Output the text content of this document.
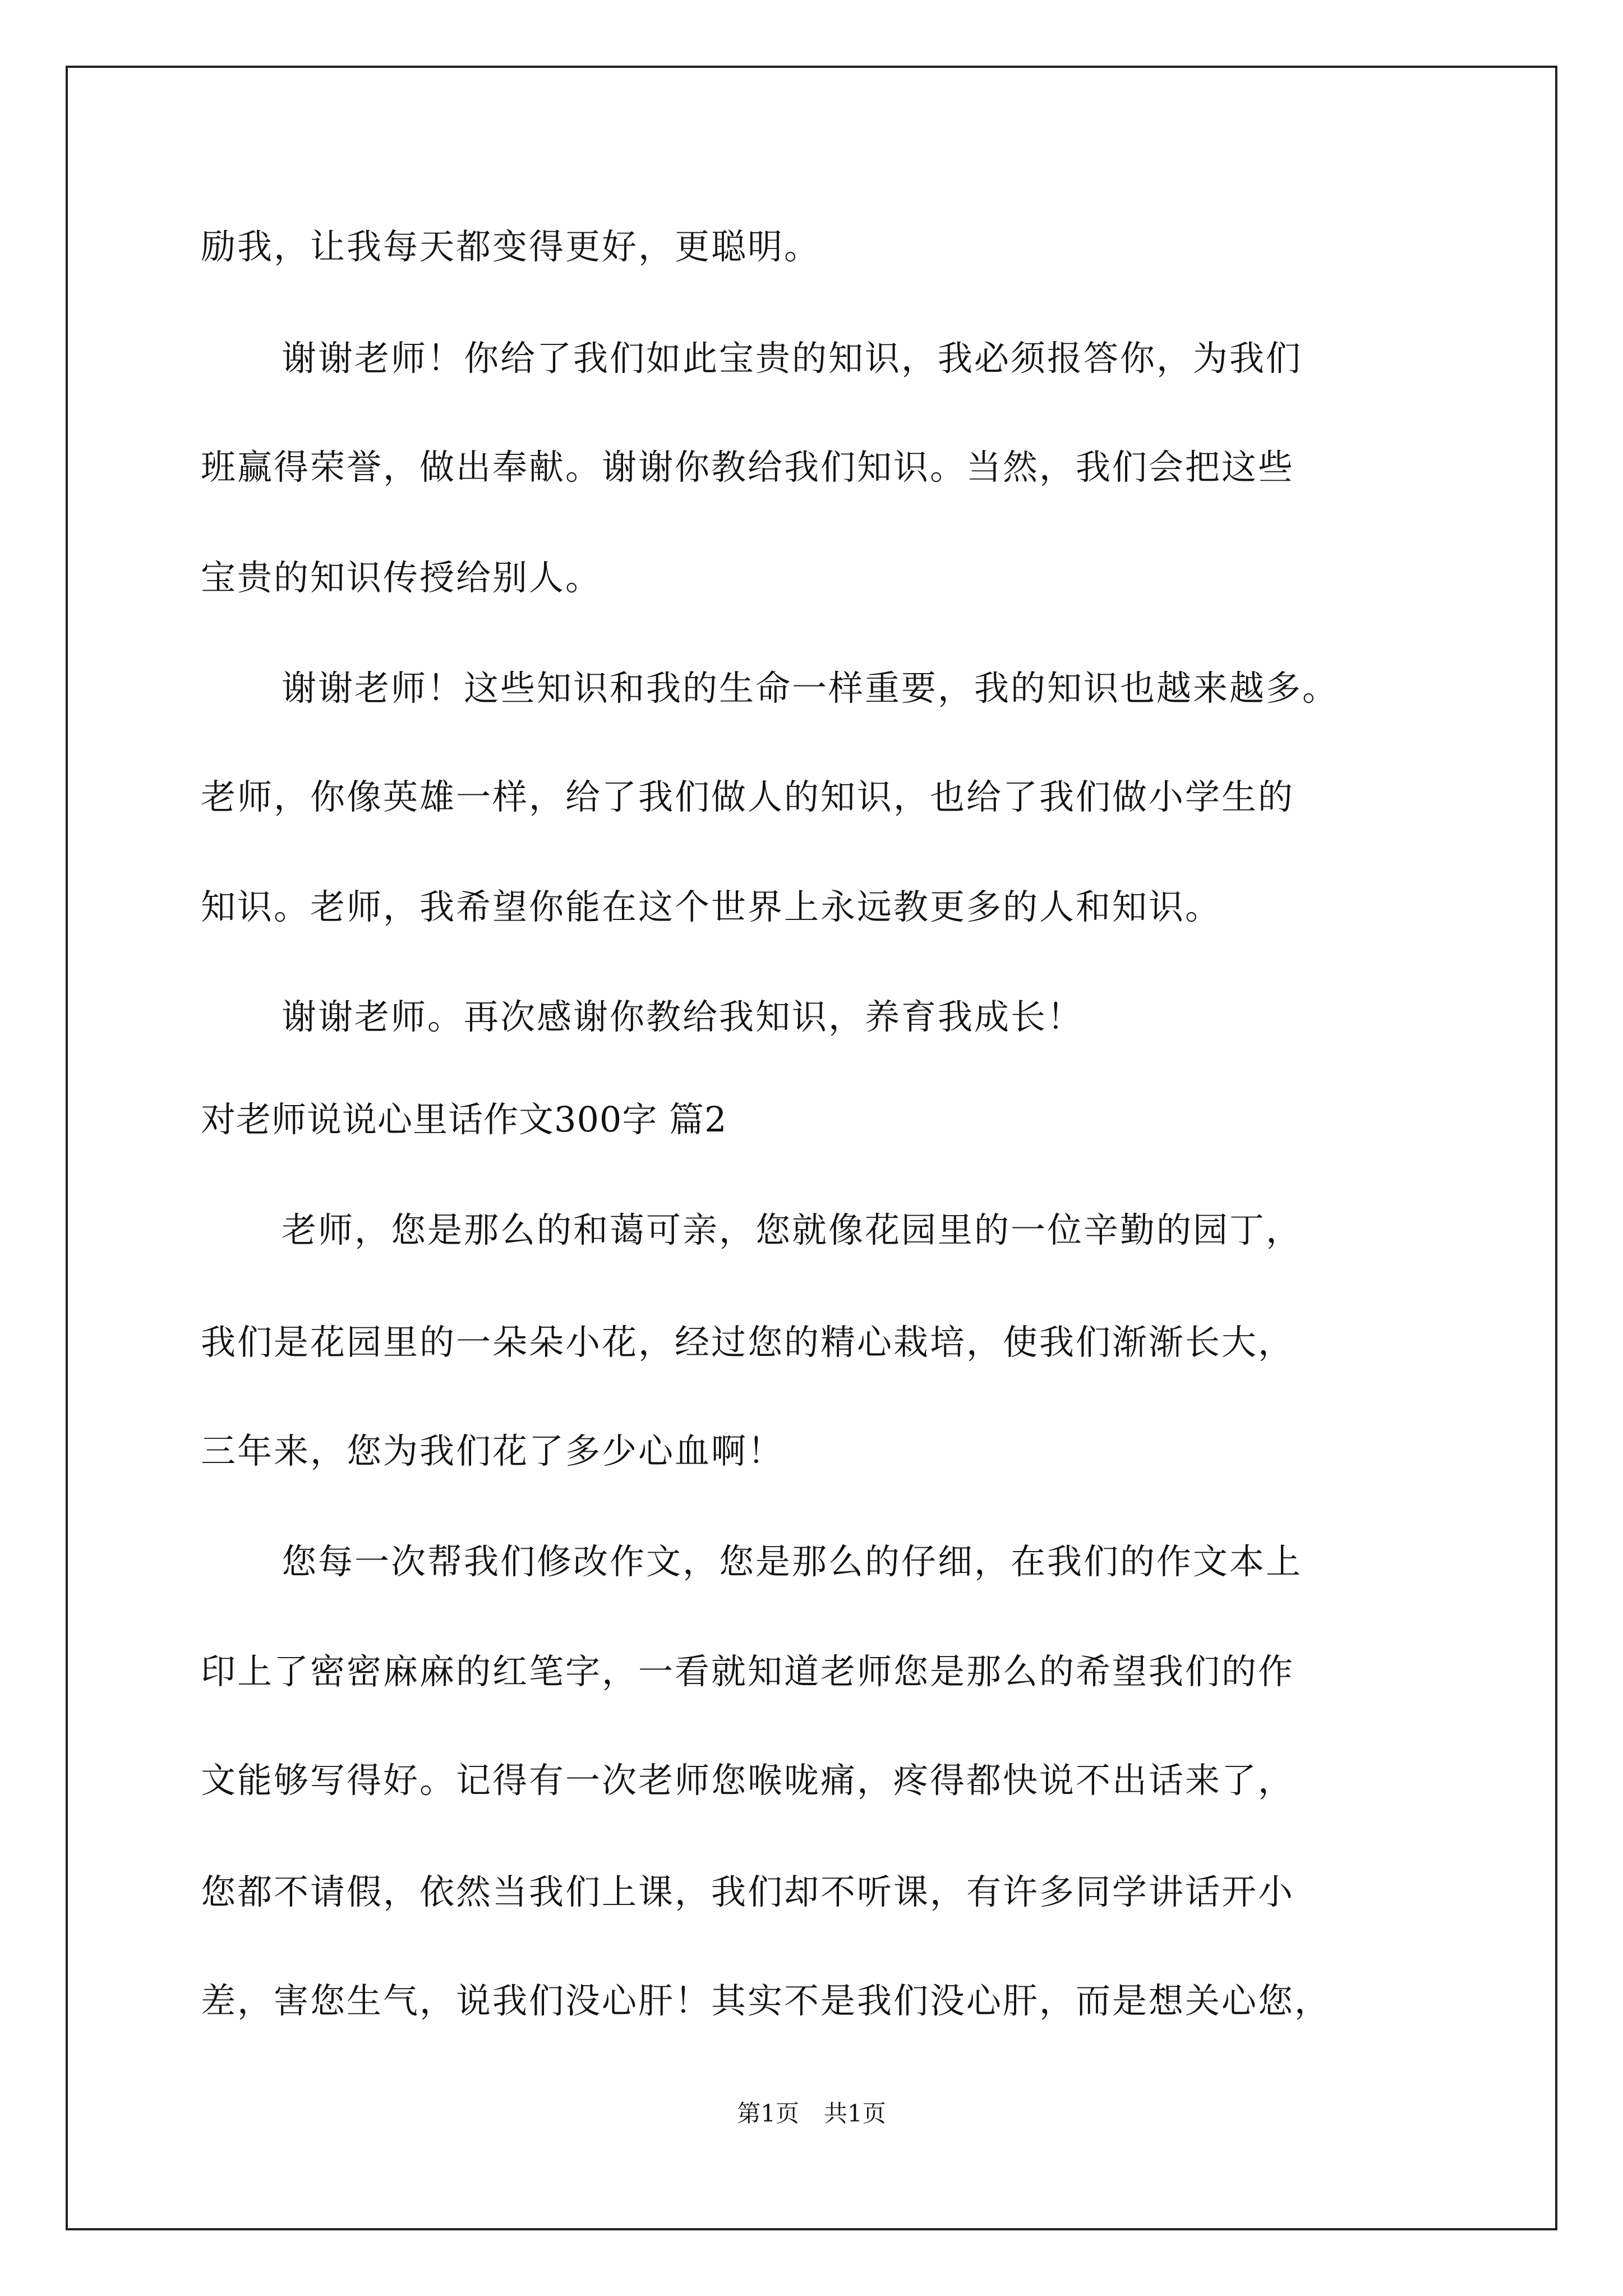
励我，让我每天都变得更好，更聪明。
谢谢老师！你给了我们如此宝贵的知识，我必须报答你，为我们
班赢得荣誉，做出奉献。谢谢你教给我们知识。当然，我们会把这些
宝贵的知识传授给别人。
谢谢老师！这些知识和我的生命一样重要，我的知识也越来越多。
老师，你像英雄一样，给了我们做人的知识，也给了我们做小学生的
知识。老师，我希望你能在这个世界上永远教更多的人和知识。
谢谢老师。再次感谢你教给我知识，养育我成长！
对老师说说心里话作文300字 篇2
老师，您是那么的和蔼可亲，您就像花园里的一位辛勤的园丁，
我们是花园里的一朵朵小花，经过您的精心栽培，使我们渐渐长大，
三年来，您为我们花了多少心血啊！
您每一次帮我们修改作文，您是那么的仔细，在我们的作文本上
印上了密密麻麻的红笔字，一看就知道老师您是那么的希望我们的作
文能够写得好。记得有一次老师您喉咙痛，疼得都快说不出话来了，
您都不请假，依然当我们上课，我们却不听课，有许多同学讲话开小
差，害您生气，说我们没心肝！其实不是我们没心肝，而是想关心您，
第1页 共1页
